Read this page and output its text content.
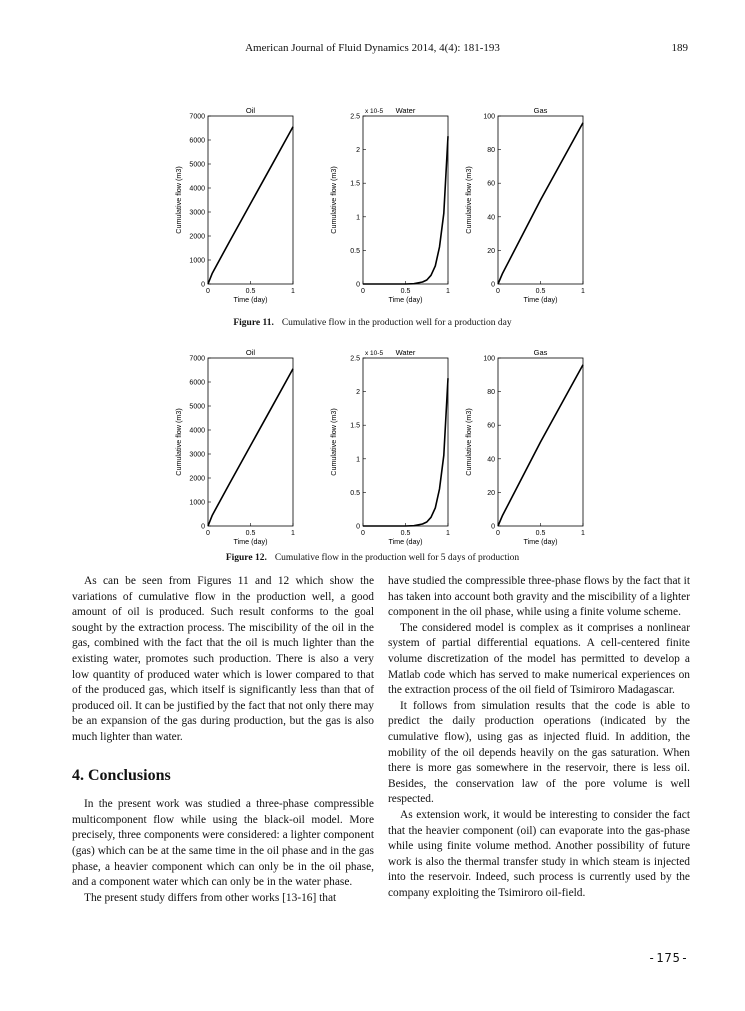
American Journal of Fluid Dynamics 2014, 4(4): 181-193	189
Oil
0
1000
2000
3000
4000
5000
6000
7000
0	0.5	1
Time (day)
Cumulative flow (m3)
Water
x 10-5
0
0.5
1
1.5
2
2.5
0	0.5	1
Time (day)
Cumulative flow (m3)
Gas
0
20
40
60
80
100
0	0.5	1
Time (day)
Cumulative flow (m3)
Figure 11. Cumulative flow in the production well for a production day
Oil
0
1000
2000
3000
4000
5000
6000
7000
0	0.5	1
Time (day)
Cumulative flow (m3)
Water
x 10-5
0
0.5
1
1.5
2
2.5
0	0.5	1
Time (day)
Cumulative flow (m3)
Gas
0
20
40
60
80
100
0	0.5	1
Time (day)
Cumulative flow (m3)
Figure 12. Cumulative flow in the production well for 5 days of production

As can be seen from Figures 11 and 12 which show the variations of cumulative flow in the production well, a good amount of oil is produced. Such result conforms to the goal sought by the extraction process. The miscibility of the oil in the gas, combined with the fact that the oil is much lighter than the existing water, promotes such production. There is also a very low quantity of produced water which is lower compared to that of the produced gas, which itself is significantly less than that of produced oil. It can be justified by the fact that not only there may be an expansion of the gas during production, but the gas is also much lighter than water.

4. Conclusions

In the present work was studied a three-phase compressible multicomponent flow while using the black-oil model. More precisely, three components were considered: a lighter component (gas) which can be at the same time in the oil phase and in the gas phase, a heavier component which can only be in the oil phase, and a component water which can only be in the water phase.

The present study differs from other works [13-16] that

have studied the compressible three-phase flows by the fact that it has taken into account both gravity and the miscibility of a lighter component in the oil phase, while using a finite volume scheme.

The considered model is complex as it comprises a nonlinear system of partial differential equations. A cell-centered finite volume discretization of the model has permitted to develop a Matlab code which has served to make numerical experiences on the extraction process of the oil field of Tsimiroro Madagascar.

It follows from simulation results that the code is able to predict the daily production operations (indicated by the cumulative flow), using gas as injected fluid. In addition, the mobility of the oil depends heavily on the gas saturation. When there is more gas somewhere in the reservoir, there is less oil. Besides, the conservation law of the pore volume is well respected.

As extension work, it would be interesting to consider the fact that the heavier component (oil) can evaporate into the gas-phase while using finite volume method. Another possibility of future work is also the thermal transfer study in which steam is injected into the reservoir. Indeed, such process is currently used by the company exploiting the Tsimiroro oil-field.

-175-
